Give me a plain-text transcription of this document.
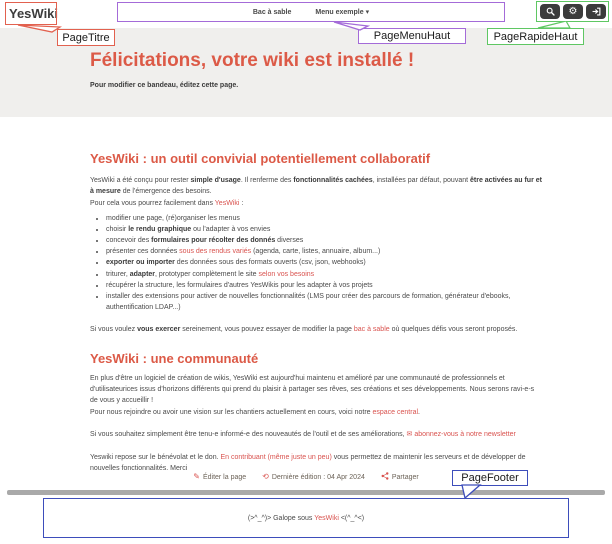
YesWiki	Bac à sable	Menu exemple ▾	⚙
PageTitre	PageMenuHaut	PageRapideHaut
PageFooter
Félicitations, votre wiki est installé !
Pour modifier ce bandeau, éditez cette page.
YesWiki : un outil convivial potentiellement collaboratif

YesWiki a été conçu pour rester simple d'usage. Il renferme des fonctionnalités cachées, installées par défaut, pouvant être activées au fur et à mesure de l'émergence des besoins.

Pour cela vous pourrez facilement dans YesWiki :

• modifier une page, (ré)organiser les menus
• choisir le rendu graphique ou l'adapter à vos envies
• concevoir des formulaires pour récolter des donnés diverses
• présenter ces données sous des rendus variés (agenda, carte, listes, annuaire, album...)
• exporter ou importer des données sous des formats ouverts (csv, json, webhooks)
• triturer, adapter, prototyper complètement le site selon vos besoins
• récupérer la structure, les formulaires d'autres YesWikis pour les adapter à vos projets
• installer des extensions pour activer de nouvelles fonctionnalités (LMS pour créer des parcours de formation, générateur d'ebooks, authentification LDAP...)

Si vous voulez vous exercer sereinement, vous pouvez essayer de modifier la page bac à sable où quelques défis vous seront proposés.

YesWiki : une communauté

En plus d'être un logiciel de création de wikis, YesWiki est aujourd'hui maintenu et amélioré par une communauté de professionnels et d'utilisateurices issus d'horizons différents qui prend du plaisir à partager ses rêves, ses créations et ses développements. Nous serons ravi-e-s de vous y accueillir !

Pour nous rejoindre ou avoir une vision sur les chantiers actuellement en cours, voici notre espace central.

Si vous souhaitez simplement être tenu-e informé-e des nouveautés de l'outil et de ses améliorations, ✉ abonnez-vous à notre newsletter

Yeswiki repose sur le bénévolat et le don. En contribuant (même juste un peu) vous permettez de maintenir les serveurs et de développer de nouvelles fonctionnalités. Merci

✎ Éditer la page ⟲ Dernière édition : 04 Apr 2024	Partager
(>^_^)> Galope sous YesWiki <(^_^<)
